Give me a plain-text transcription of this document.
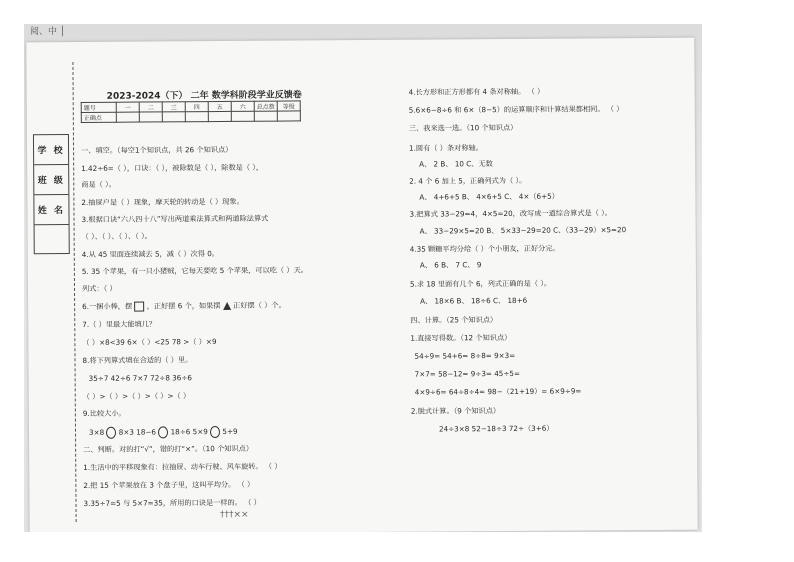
阅、中 │
学 校
班 级
姓 名
2023-2024（下） 二年 数学科阶段学业反馈卷
题号	一	二	三	四	五	六	总点数	等级
正确点								
一、填空。（每空1个知识点，共 26 个知识点）
1.42÷6=（ ），口诀：（ ），被除数是（ ），除数是（ ），
商是（ ）。
2.抽屉户是（ ）现象，摩天轮的转动是（ ）现象。
3.根据口诀“六八四十八”写出两道乘法算式和两道除法算式
（ ）、（ ）、（ ）、（ ）。
4.从 45 里面连续减去 5，减（ ）次得 0。
5. 35 个苹果，有一只小猪贼，它每天要吃 5 个苹果，可以吃（ ）天。
列式：（ ）
6.一捆小棒，摆 ，正好摆 6 个，如果摆 正好摆（ ）个。
7.（ ）里最大能填几？
（ ）×8<39 6×（ ）<25 78 >（ ）×9
8.将下列算式填在合适的（ ）里。
35÷7 42÷6 7×7 72÷8 36÷6
（ ）>（ ）>（ ）>（ ）>（ ）
9.比较大小。
3×8 8×3 18−6 18÷6 5×9 5+9
二、判断。对的打“√”，错的打“×”。（10 个知识点）
1.生活中的平移现象有：拉抽屉、动车行驶、风车旋转。 （ ）
2.把 15 个苹果放在 3 个盘子里，这叫平均分。 （ ）
3.35÷7=5 与 5×7=35，所用的口诀是一样的。 （ ）
4.长方形和正方形都有 4 条对称轴。 （ ）
5.6×6−8÷6 和 6×（8−5）的运算顺序和计算结果都相同。 （ ）
三、我来选一选。（10 个知识点）
1.圆有（ ）条对称轴。
A、 2 B、 10 C、无数
2. 4 个 6 加上 5，正确列式为（ ）。
A、 4+6+5 B、 4×6+5 C、 4×（6+5）
3.把算式 33−29=4，4×5=20，改写成一道综合算式是（ ）。
A、 33−29×5=20 B、 5×33−29=20 C、（33−29）×5=20
4.35 颗糖平均分给（ ）个小朋友，正好分完。
A、 6 B、 7 C、 9
5.求 18 里面有几个 6，列式正确的是（ ）。
A、 18×6 B、 18÷6 C、 18+6
四、计算。（25 个知识点）
1.直接写得数。（12 个知识点）
54÷9= 54+6= 8÷8= 9×3=
7×7= 58−12= 9÷3= 45÷5=
4×9÷6= 64÷8÷4= 98−（21+19）= 6×9÷9=
2.脱式计算。（9 个知识点）
24÷3×8 52−18÷3 72÷（3+6）
†††××
